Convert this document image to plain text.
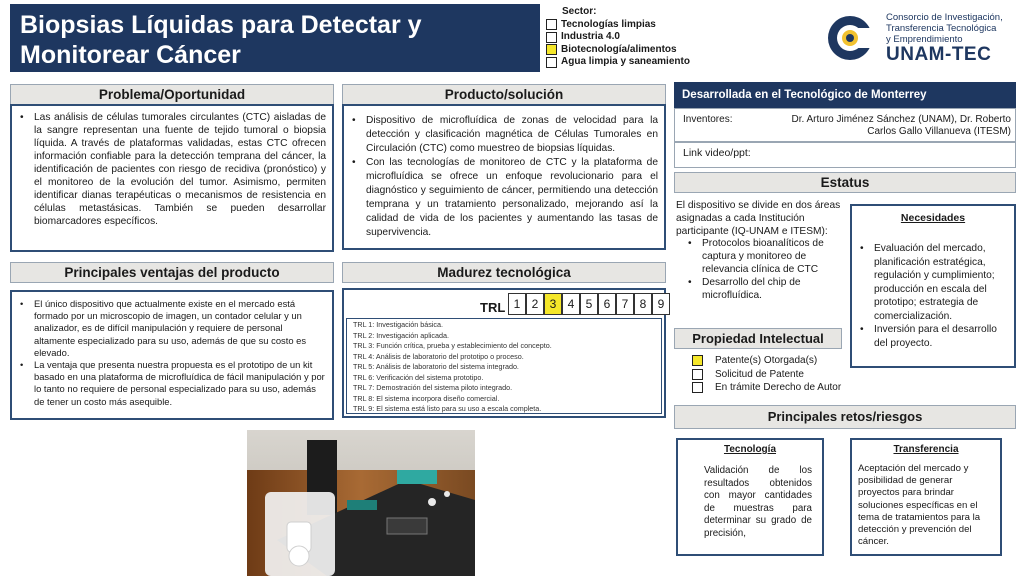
Biopsias Líquidas para Detectar y
Monitorear Cáncer
Sector:
Tecnologías limpias
Industria 4.0
Biotecnología/alimentos
Agua limpia y saneamiento
Consorcio de Investigación,
Transferencia Tecnológica
y Emprendimiento
UNAM-TEC
Problema/Oportunidad
• Las análisis de células tumorales circulantes (CTC) aisladas de la sangre representan una fuente de tejido tumoral o biopsia líquida. A través de plataformas validadas, estas CTC ofrecen información confiable para la detección temprana del cáncer, la identificación de pacientes con riesgo de recidiva (pronóstico) y el monitoreo de la evolución del tumor. Asimismo, permiten identificar dianas terapéuticas o mecanismos de resistencia en células metastásicas. También se pueden desarrollar biomarcadores específicos.
Producto/solución
• Dispositivo de microfluídica de zonas de velocidad para la detección y clasificación magnética de Células Tumorales en Circulación (CTC) como muestreo de biopsias líquidas.
• Con las tecnologías de monitoreo de CTC y la plataforma de microfluídica se ofrece un enfoque revolucionario para el diagnóstico y seguimiento de cáncer, permitiendo una detección temprana y un tratamiento personalizado, mejorando así la calidad de vida de los pacientes y aumentando las tasas de supervivencia.
Desarrollada en el Tecnológico de Monterrey
Inventores:	Dr. Arturo Jiménez Sánchez (UNAM), Dr. Roberto Carlos Gallo Villanueva (ITESM)
Link video/ppt:
Estatus
El dispositivo se divide en dos áreas asignadas a cada Institución participante (IQ-UNAM e ITESM):
• Protocolos bioanalíticos de captura y monitoreo de relevancia clínica de CTC
• Desarrollo del chip de microfluídica.
Necesidades
• Evaluación del mercado, planificación estratégica, regulación y cumplimiento; producción en escala del prototipo; estrategia de comercialización.
• Inversión para el desarrollo del proyecto.
Principales ventajas del producto
• El único dispositivo que actualmente existe en el mercado está formado por un microscopio de imagen, un contador celular y un analizador, es de difícil manipulación y requiere de personal altamente especializado para su uso, además de que su costo es elevado.
• La ventaja que presenta nuestra propuesta es el prototipo de un kit basado en una plataforma de microfluídica de fácil manipulación y por lo tanto no requiere de personal especializado para su uso, además de tener un costo más asequible.
Madurez tecnológica
TRL 1 2 3 4 5 6 7 8 9
TRL 1: Investigación básica.
TRL 2: Investigación aplicada.
TRL 3: Función crítica, prueba y establecimiento del concepto.
TRL 4: Análisis de laboratorio del prototipo o proceso.
TRL 5: Análisis de laboratorio del sistema integrado.
TRL 6: Verificación del sistema prototipo.
TRL 7: Demostración del sistema piloto integrado.
TRL 8: El sistema incorpora diseño comercial.
TRL 9: El sistema está listo para su uso a escala completa.
Propiedad Intelectual
Patente(s) Otorgada(s)
Solicitud de Patente
En trámite Derecho de Autor
Principales retos/riesgos
Tecnología
Validación de los resultados obtenidos con mayor cantidades de muestras para determinar su grado de precisión,
Transferencia
Aceptación del mercado y posibilidad de generar proyectos para brindar soluciones específicas en el tema de tratamientos para la detección y prevención del cáncer.
